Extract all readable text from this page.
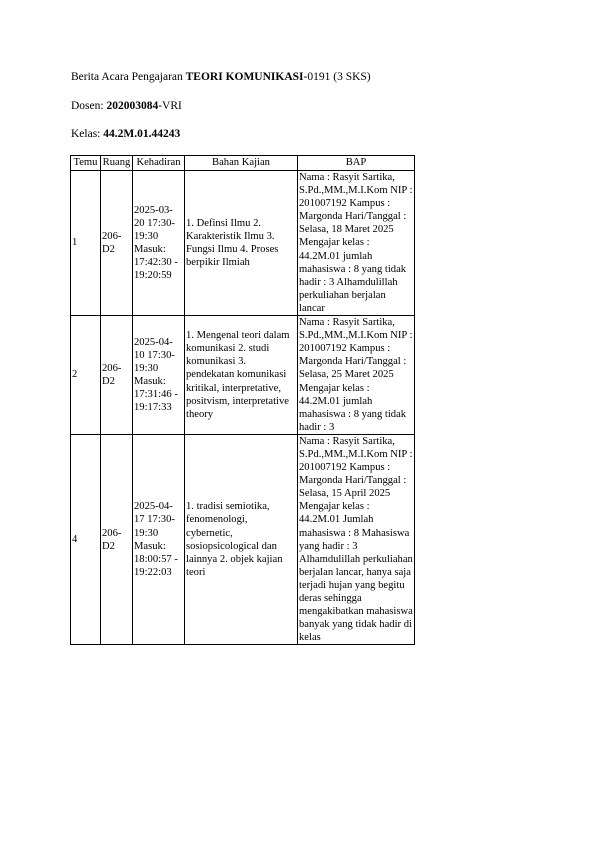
Berita Acara Pengajaran TEORI KOMUNIKASI-0191 (3 SKS)
Dosen: 202003084-VRI
Kelas: 44.2M.01.44243
Temu	Ruang	Kehadiran	Bahan Kajian	BAP
1	206-D2	2025-03-20 17:30-19:30 Masuk: 17:42:30 - 19:20:59	1. Definsi Ilmu 2. Karakteristik Ilmu 3. Fungsi Ilmu 4. Proses berpikir Ilmiah	Nama : Rasyit Sartika, S.Pd.,MM.,M.I.Kom NIP : 201007192 Kampus : Margonda Hari/Tanggal : Selasa, 18 Maret 2025 Mengajar kelas : 44.2M.01 jumlah mahasiswa : 8 yang tidak hadir : 3 Alhamdulillah perkuliahan berjalan lancar
2	206-D2	2025-04-10 17:30-19:30 Masuk: 17:31:46 - 19:17:33	1. Mengenal teori dalam komunikasi 2. studi komunikasi 3. pendekatan komunikasi kritikal, interpretative, positvism, interpretative theory	Nama : Rasyit Sartika, S.Pd.,MM.,M.I.Kom NIP : 201007192 Kampus : Margonda Hari/Tanggal : Selasa, 25 Maret 2025 Mengajar kelas : 44.2M.01 jumlah mahasiswa : 8 yang tidak hadir : 3
4	206-D2	2025-04-17 17:30-19:30 Masuk: 18:00:57 - 19:22:03	1. tradisi semiotika, fenomenologi, cybernetic, sosiopsicological dan lainnya 2. objek kajian teori	Nama : Rasyit Sartika, S.Pd.,MM.,M.I.Kom NIP : 201007192 Kampus : Margonda Hari/Tanggal : Selasa, 15 April 2025 Mengajar kelas : 44.2M.01 Jumlah mahasiswa : 8 Mahasiswa yang hadir : 3 Alhamdulillah perkuliahan berjalan lancar, hanya saja terjadi hujan yang begitu deras sehingga mengakibatkan mahasiswa banyak yang tidak hadir di kelas
